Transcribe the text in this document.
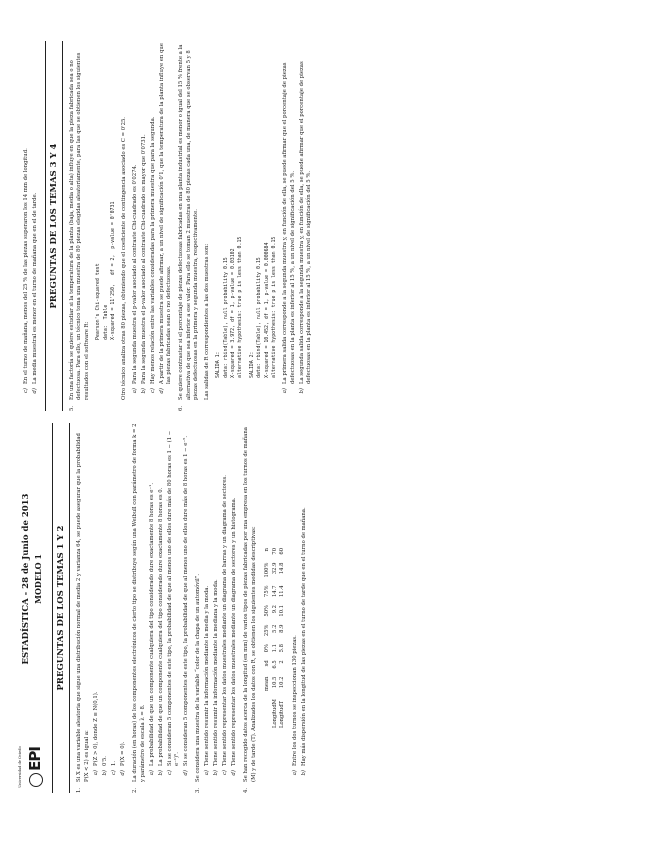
Universidad de Oviedo EPI
ESTADÍSTICA - 28 de Junio de 2013 MODELO 1	PREGUNTAS DE LOS TEMAS 1 Y 2
1.
Si X es una variable aleatoria que sigue una distribución normal de media 2 y varianza 64, se puede asegurar que la probabilidad P(X < 2) es igual a: a)
P(Z > 0), donde Z ≡ N(0,1).
b)
0'5.
c)
1.
d)
P(X = 0).
2.
La duración (en horas) de los componentes electrónicos de cierto tipo se distribuye según una Weibull con parámetro de forma k = 2 y parámetro de escala λ = 8. a)
La probabilidad de que un componente cualquiera del tipo considerado dure exactamente 8 horas es e⁻¹.
b)
La probabilidad de que un componente cualquiera del tipo considerado dure exactamente 8 horas es 0.
c)
Si se consideran 5 componentes de este tipo, la probabilidad de que al menos uno de ellos dure más de 80 horas es 1 − (1 − e⁻¹)⁵.
d)
Si se consideran 5 componentes de este tipo, la probabilidad de que al menos uno de ellos dure más de 8 horas es 1 − e⁻⁵.
3.
Se considera una muestra de la variable “color de la chapa de un automóvil”. a)
Tiene sentido resumir la información mediante la media y la moda.
b)
Tiene sentido resumir la información mediante la mediana y la moda.
c)
Tiene sentido representar los datos muestrales mediante un diagrama de barras y un diagrama de sectores.
d)
Tiene sentido representar los datos muestrales mediante un diagrama de sectores y un histograma.
4.
Se han recogido datos acerca de la longitud (en mm) de varios tipos de piezas fabricadas por una empresa en los turnos de mañana (M) y de tarde (T). Analizados los datos con R, se obtienen los siguientes medidas descriptivas:
	mean	sd	0%	25%	50%	75%	100%	n
LongitudM	10.5	6.5	1.1	5.2	9.2	14.7	32.9	70
LongitudT	10.2	2	5.8	8.9	10.1	11.4	14.8	60
a)
Entre los dos turnos se inspeccionan 130 piezas.
b)
Hay más dispersión en la longitud de las piezas en el turno de tarde que en el turno de mañana.
c)
En el turno de mañana, menos del 25 % de las piezas superaron los 14 mm de longitud.
d)
La media muestral es menor en el turno de mañana que en el de tarde.	PREGUNTAS DE LOS TEMAS 3 Y 4
5.
En una factoría se quiere estudiar si la temperatura de la planta (baja, media o alta) influye en que la pieza fabricada sea o no defectuosa. Para ello, un técnico toma una muestra de 80 piezas elegidas aleatoriamente, para las que se obtienen los siguientes resultados con el software R:	Pearson's Chi-squared test
data:  Table
X-squared = 11'250,   df = 2,  p-value = 0'0731 Otro técnico analiza otras 80 piezas, obteniendo que el coeficiente de contingencia asociado es C = 0'25. a)
Para la segunda muestra el p-valor asociado al contraste Chi-cuadrado es 0'0274.
b)
Para la segunda muestra el p-valor asociado al contraste Chi-cuadrado es mayor que 0'0731.
c)
Hay menos relación entre las variables consideradas para la primera muestra que para la segunda.
d)
A partir de la primera muestra se puede afirmar, a un nivel de significación 0'1, que la temperatura de la planta influye en que las piezas fabricadas sean o no defectuosas.
6.
Se quiere contrastar si el porcentaje de piezas defectuosas fabricadas en una planta industrial es menor o igual del 15 % frente a la alternativa de que sea inferior a ese valor. Para ello se toman 2 muestras de 80 piezas cada una, de manera que se observan 5 y 8 piezas defectuosas en la primera y segunda muestra, respectivamente. Las salidas de R correspondientes a las dos muestras son:	SALIDA 1:
data: rbind(Table), null probability 0.15
X-squared = 3.972, df = 1, p-value = 0.03102
alternative hypothesis: true p is less than 0.15
SALIDA 2:
data: rbind(Table), null probability 0.15
X-squared = 10.452, df = 1, p-value = 0.000684
alternative hypothesis: true p is less than 0.15
a)
La primera salida corresponde a la segunda muestra y, en función de ella, se puede afirmar que el porcentaje de piezas defectuosas en la planta es inferior al 15 %, a un nivel de significación del 5 %.
b)
La segunda salida corresponde a la segunda muestra y, en función de ella, se puede afirmar que el porcentaje de piezas defectuosas en la planta es inferior al 15 %, a un nivel de significación del 5 %.
